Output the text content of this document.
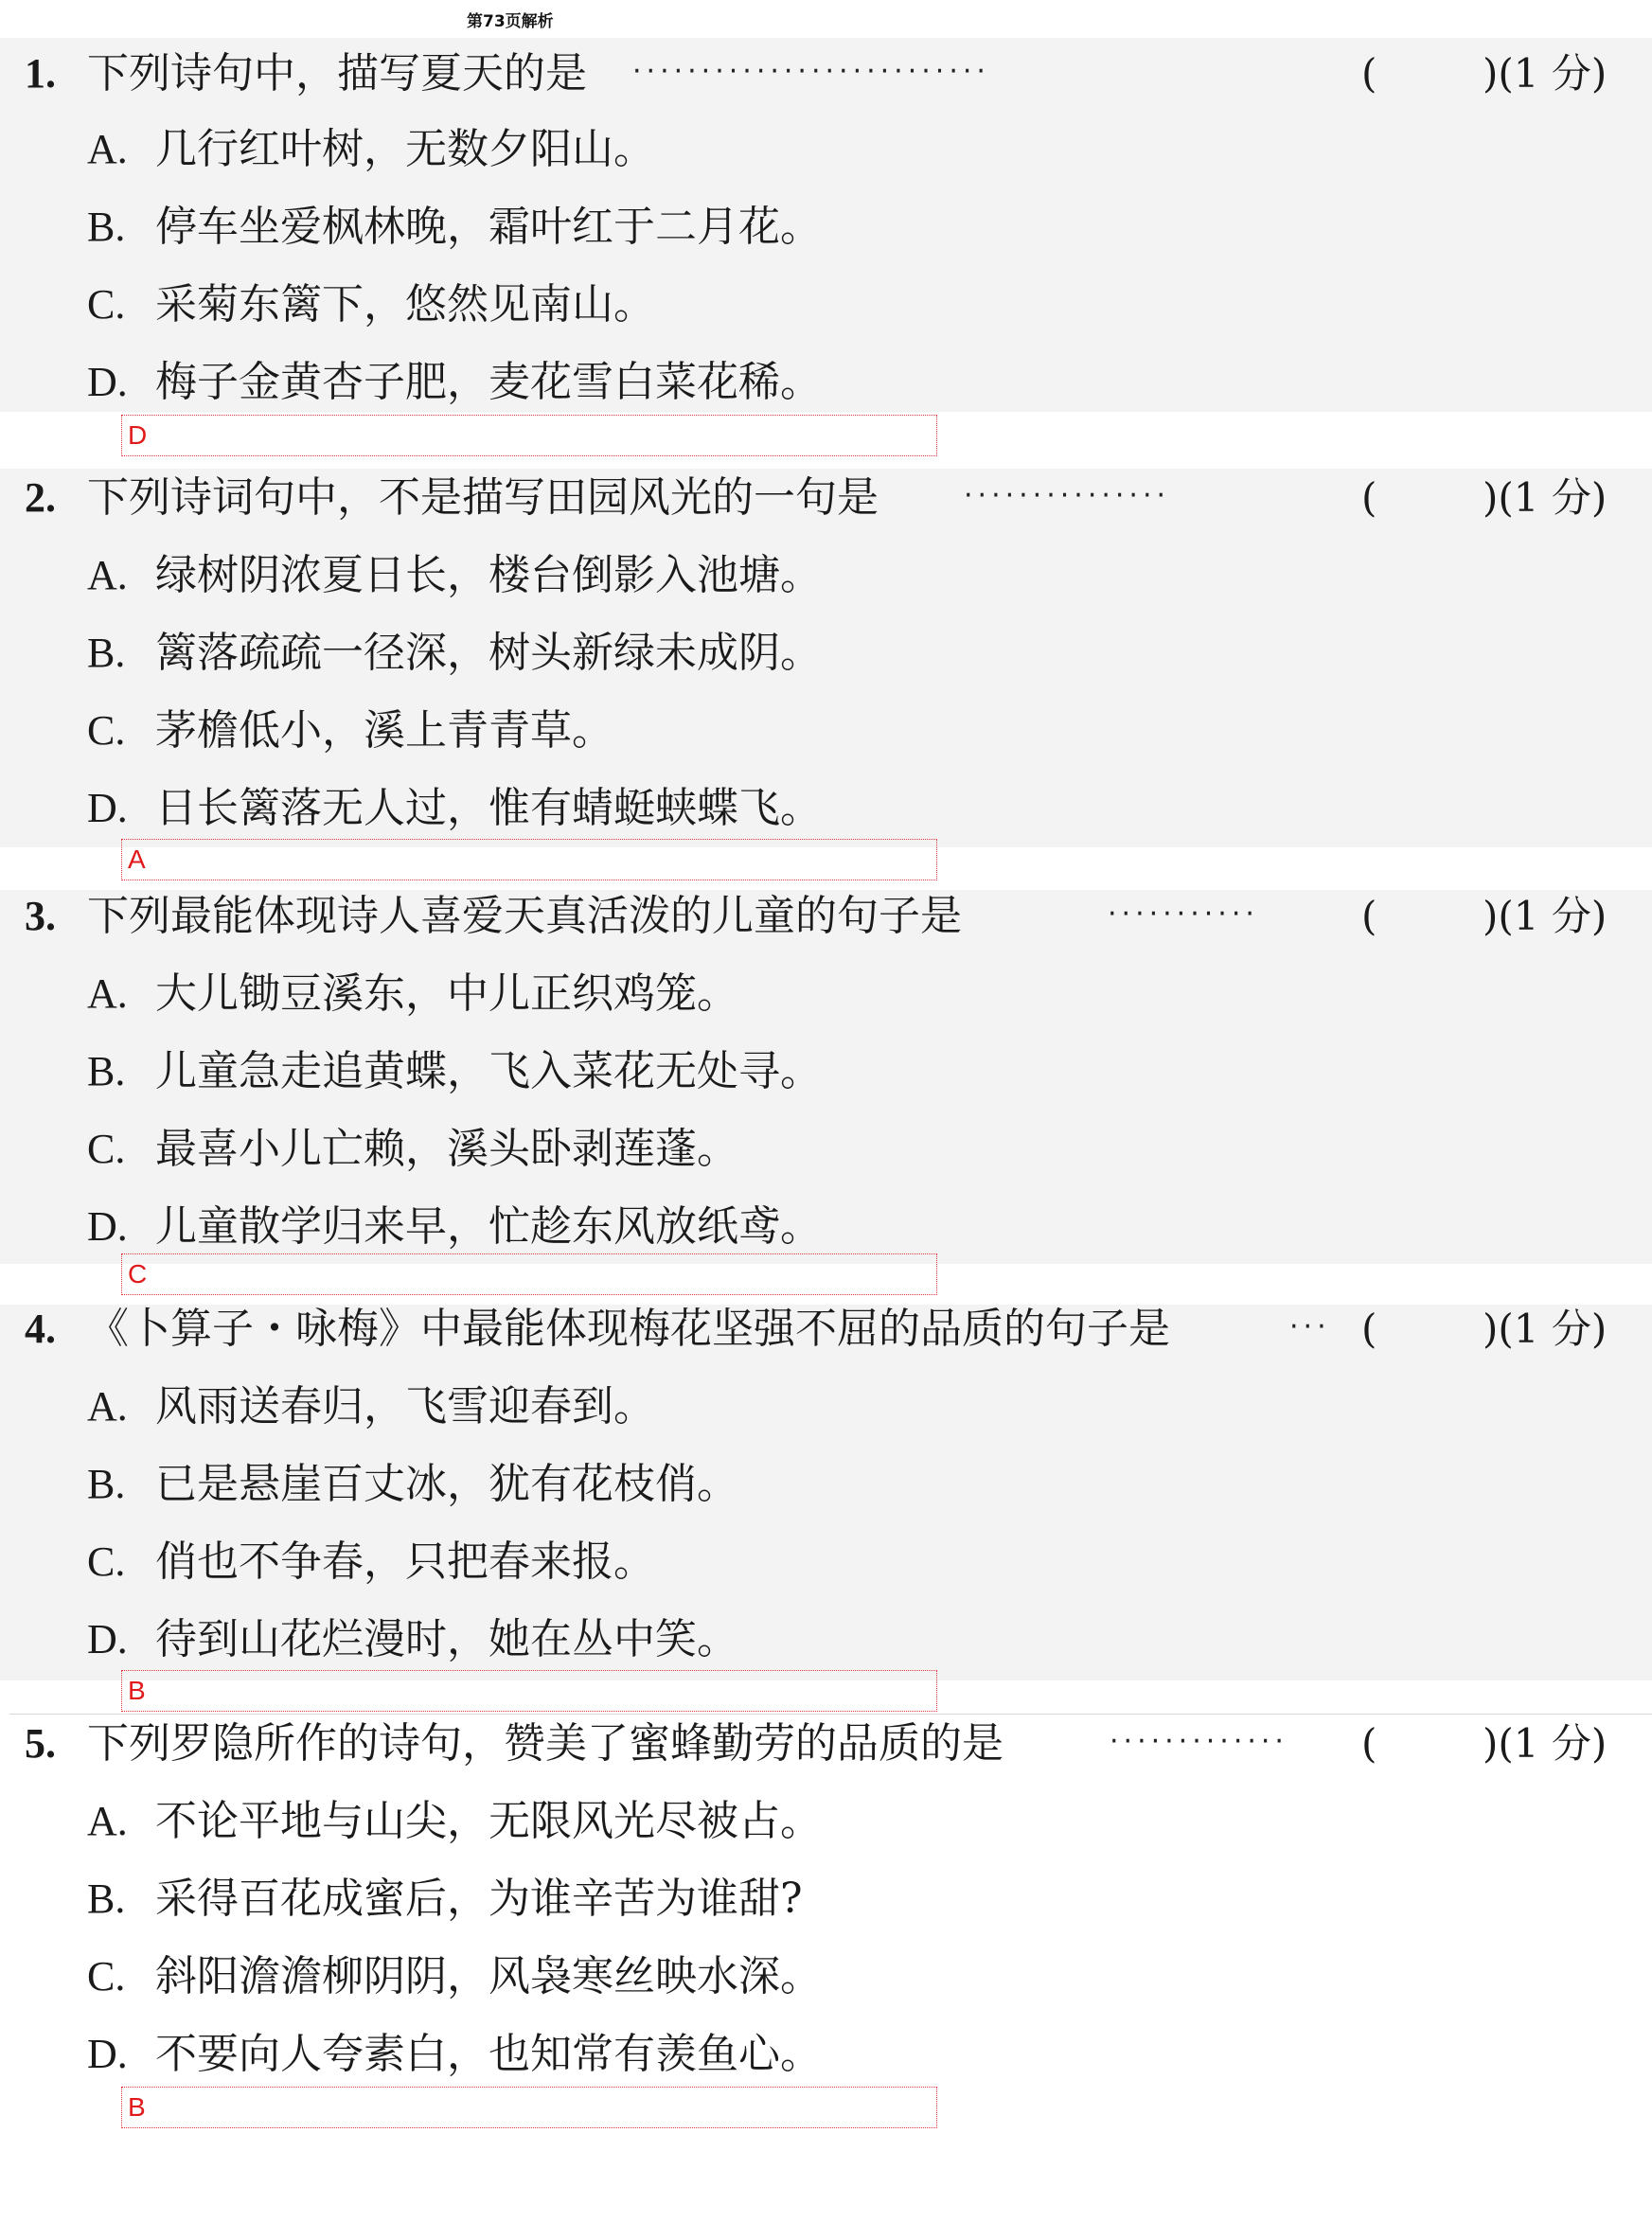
第73页解析
1. 下列诗句中，描写夏天的是 ··························	(	)(1 分)
A. 几行红叶树，无数夕阳山。
B. 停车坐爱枫林晚，霜叶红于二月花。
C. 采菊东篱下，悠然见南山。
D. 梅子金黄杏子肥，麦花雪白菜花稀。
D
2. 下列诗词句中，不是描写田园风光的一句是	···············	(	)(1 分)
A. 绿树阴浓夏日长，楼台倒影入池塘。
B. 篱落疏疏一径深，树头新绿未成阴。
C. 茅檐低小，溪上青青草。
D. 日长篱落无人过，惟有蜻蜓蛱蝶飞。
A
3. 下列最能体现诗人喜爱天真活泼的儿童的句子是	···········	(	)(1 分)
A. 大儿锄豆溪东，中儿正织鸡笼。
B. 儿童急走追黄蝶，飞入菜花无处寻。
C. 最喜小儿亡赖，溪头卧剥莲蓬。
D. 儿童散学归来早，忙趁东风放纸鸢。
C
4. 《卜算子・咏梅》中最能体现梅花坚强不屈的品质的句子是	··· (	)(1 分)
A. 风雨送春归，飞雪迎春到。
B. 已是悬崖百丈冰，犹有花枝俏。
C. 俏也不争春，只把春来报。
D. 待到山花烂漫时，她在丛中笑。
B
5. 下列罗隐所作的诗句，赞美了蜜蜂勤劳的品质的是	·············	(	)(1 分)
A. 不论平地与山尖，无限风光尽被占。
B. 采得百花成蜜后，为谁辛苦为谁甜?
C. 斜阳澹澹柳阴阴，风袅寒丝映水深。
D. 不要向人夸素白，也知常有羡鱼心。
B
